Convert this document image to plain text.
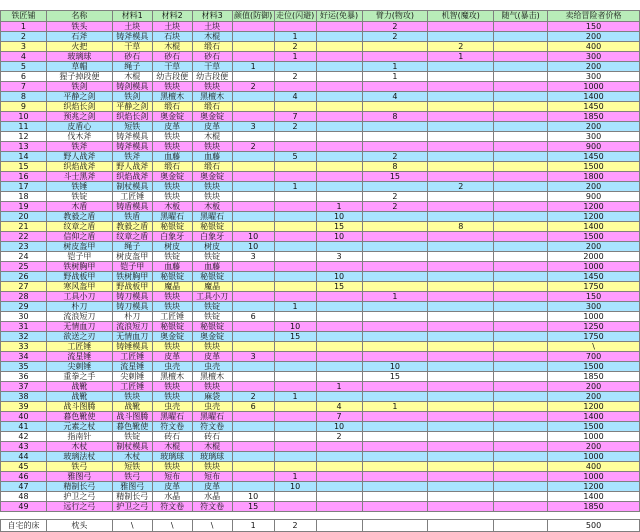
铁匠铺	名称	材料1	材料2	材料3	颜值(防御)	走位(闪避)	好运(免暴)	臂力(物攻)	机智(魔攻)	随气(暴击)	卖给冒险者价格
1	铁头	土块	土块	土块				2			150
2	石斧	铸斧模具	石块	木棍		1		2			200
3	火把	干草	木棍	缎石		2			2		400
4	玻璃球	砂石	砂石	砂石		1			1		300
5	草帽	绳子	干草	干草	1			1			200
6	猩子掉段便	木棍	幼吉段便	幼吉段便		2		1			300
7	铁剑	铸剑模具	铁块	铁块	2						1000
8	平静之剑	铁剑	黑檀木	黑檀木		4		4			1400
9	织焰长剑	平静之剑	缎石	缎石							1450
10	预兆之剑	织焰长剑	奥金锭	奥金锭		7		8			1850
11	皮盾心	短铁	皮革	皮革	3	2					200
12	伐木斧	铸斧模具	铁块	木棍							300
13	铁斧	铸斧模具	铁块	铁块	2						900
14	野人战斧	铁斧	血藤	血藤		5		2			1450
15	织焰战斧	野人战斧	缎石	缎石				8			1500
16	斗士黑斧	织焰战斧	奥金锭	奥金锭				15			1800
17	铁锤	制杖模具	铁块	铁块		1			2		200
18	铁锭	工匠锤	铁块	铁块				2			900
19	木盾	铸盾模具	木板	木板			1	2			1200
20	教毅之盾	铁盾	黑曜石	黑曜石			10				1200
21	纹章之盾	教毅之盾	秘银锭	秘银锭			15		8		1400
22	信仰之盾	纹章之盾	白象牙	白象牙	10		10				1500
23	树皮盔甲	绳子	树皮	树皮	10						200
24	铠子甲	树皮盔甲	铁锭	铁锭	3		3				2000
25	铁树胸甲	铠子甲	血藤	血藤							1000
26	野战板甲	铁树胸甲	秘银锭	秘银锭			10				1450
27	寒风盔甲	野战板甲	魔晶	魔晶			15				1750
28	工具小刀	铸刀模具	铁块	工具小刀				1			150
29	朴刀	铸刀模具	铁块	铁锭		1					300
30	流浪短刀	朴刀	工匠锤	铁锭	6						1000
31	无情血刀	流浪短刀	秘银锭	秘银锭		10					1250
32	欲送之刃	无情血刀	奥金锭	奥金锭		15					1750
33	工匠锤	铸锤模具	铁块	铁块							\
34	流星锤	工匠锤	皮革	皮革	3						700
35	尖刺锤	流星锤	虫壳	虫壳				10			1500
36	重拳之手	尖刺锤	黑檀木	黑檀木				15			1850
37	战靴	工匠锤	铁块	铁块			1				200
38	战靴	铁块	铁块	麻袋	2	1					200
39	战斗图腾	战靴	虫壳	虫壳	6		4	1			1200
40	暮色靴使	战斗图腾	黑曜石	黑曜石			7				1400
41	元素之杖	暮色靴使	符文卷	符文卷			10				1500
42	指南针	铁锭	砖石	砖石			2				1000
43	木杖	制杖模具	木棍	木棍							200
44	玻璃法杖	木杖	玻璃球	玻璃球							1000
45	铁弓	短铁	铁块	铁块							400
46	雅图弓	铁弓	短布	短布		1					1000
47	精制长弓	雅图弓	皮革	皮革		10					1200
48	护卫之弓	精制长弓	水晶	水晶	10						1400
49	远行之弓	护卫之弓	符文卷	符文卷	15						1850

自宅的床	枕头	\	\	\	1	2					500
